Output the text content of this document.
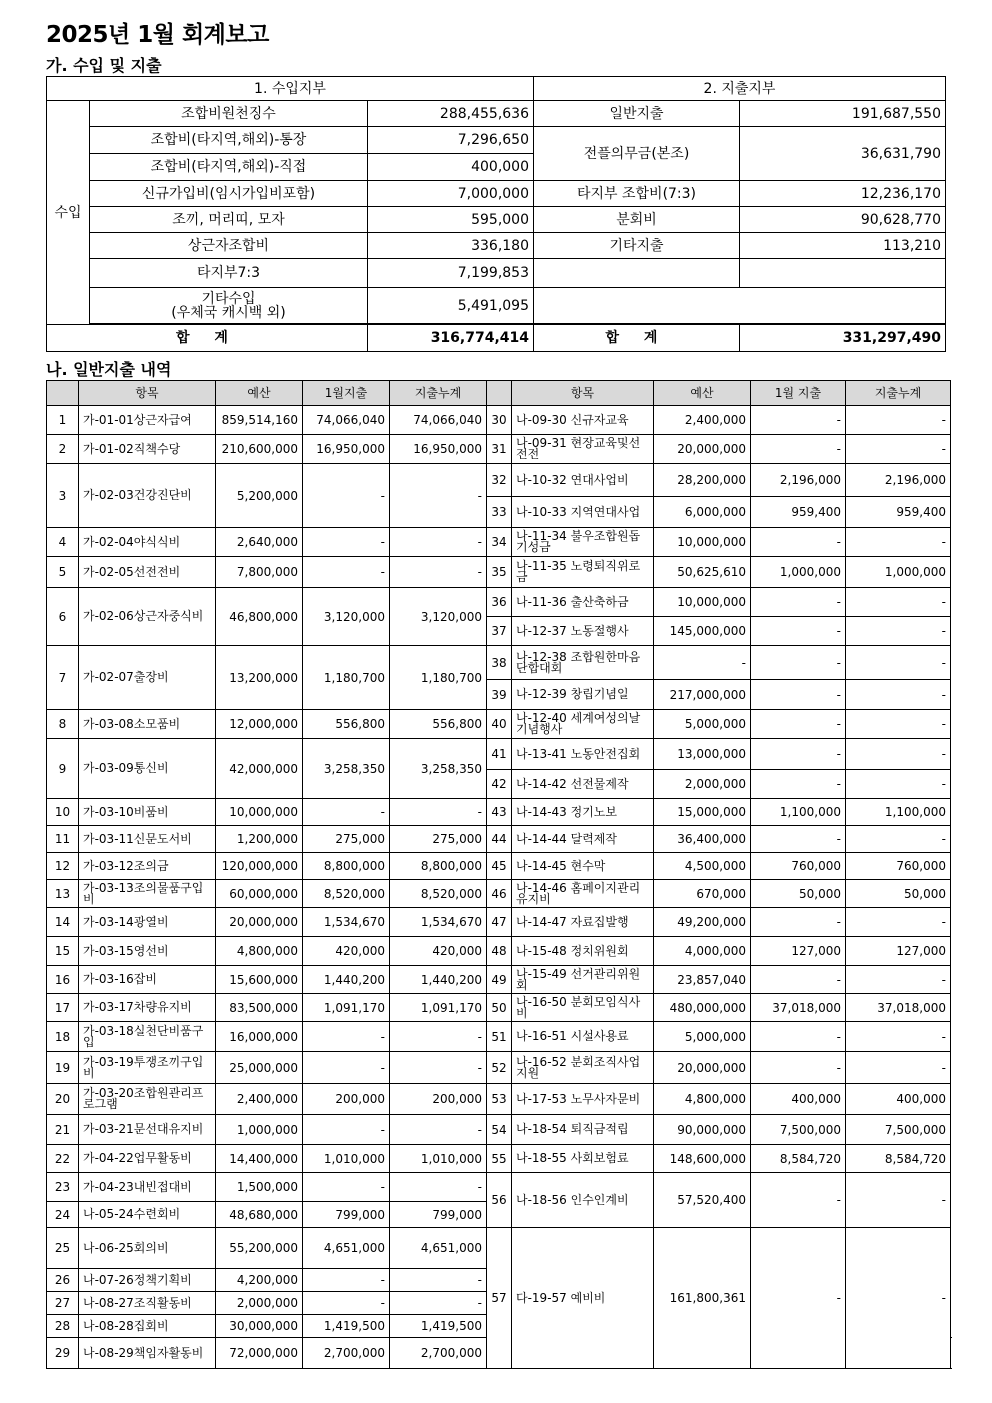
2025년 1월 회계보고
가. 수입 및 지출
1. 수입지부			2. 지출지부	
수입	조합비원천징수	288,455,636	일반지출	191,687,550
	조합비(타지역,해외)-통장	7,296,650	전플의무금(본조)	36,631,790
	조합비(타지역,해외)-직접	400,000		
	신규가입비(임시가입비포함)	7,000,000	타지부 조합비(7:3)	12,236,170
	조끼, 머리띠, 모자	595,000	분회비	90,628,770
	상근자조합비	336,180	기타지출	113,210
	타지부7:3	7,199,853		

	기타수입
(우체국 캐시백 외)	5,491,095		

합 계		316,774,414	합 계	331,297,490
나. 일반지출 내역
	항목	예산	1월지출	지출누계		항목	예산	1월 지출	지출누계	
1	가-01-01상근자급여	859,514,160	74,066,040	74,066,040	30	나-09-30 신규자교육	2,400,000	-	-	
2	가-01-02직책수당	210,600,000	16,950,000	16,950,000	31	나-09-31 현장교육및선전전	20,000,000	-	-	
3	가-02-03건강진단비	5,200,000	-	-	32	나-10-32 연대사업비	28,200,000	2,196,000	2,196,000	
					33	나-10-33 지역연대사업	6,000,000	959,400	959,400	
4	가-02-04야식식비	2,640,000	-	-	34	나-11-34 불우조합원돕기성금	10,000,000	-	-	
5	가-02-05선전전비	7,800,000	-	-	35	나-11-35 노령퇴직위로금	50,625,610	1,000,000	1,000,000	
6	가-02-06상근자중식비	46,800,000	3,120,000	3,120,000	36	나-11-36 출산축하금	10,000,000	-	-	
					37	나-12-37 노동절행사	145,000,000	-	-	
7	가-02-07출장비	13,200,000	1,180,700	1,180,700	38	나-12-38 조합원한마음단합대회	-	-	-	
					39	나-12-39 창립기념일	217,000,000	-	-	
8	가-03-08소모품비	12,000,000	556,800	556,800	40	나-12-40 세계여성의날기념행사	5,000,000	-	-	
9	가-03-09통신비	42,000,000	3,258,350	3,258,350	41	나-13-41 노동안전집회	13,000,000	-	-	
					42	나-14-42 선전물제작	2,000,000	-	-	
10	가-03-10비품비	10,000,000	-	-	43	나-14-43 정기노보	15,000,000	1,100,000	1,100,000	
11	가-03-11신문도서비	1,200,000	275,000	275,000	44	나-14-44 달력제작	36,400,000	-	-	
12	가-03-12조의금	120,000,000	8,800,000	8,800,000	45	나-14-45 현수막	4,500,000	760,000	760,000	
13	가-03-13조의물품구입비	60,000,000	8,520,000	8,520,000	46	나-14-46 홈페이지관리유지비	670,000	50,000	50,000	
14	가-03-14광열비	20,000,000	1,534,670	1,534,670	47	나-14-47 자료집발행	49,200,000	-	-	
15	가-03-15영선비	4,800,000	420,000	420,000	48	나-15-48 정치위원회	4,000,000	127,000	127,000	
16	가-03-16잡비	15,600,000	1,440,200	1,440,200	49	나-15-49 선거관리위원회	23,857,040	-	-	
17	가-03-17차량유지비	83,500,000	1,091,170	1,091,170	50	나-16-50 분회모임식사비	480,000,000	37,018,000	37,018,000	
18	가-03-18실천단비품구입	16,000,000	-	-	51	나-16-51 시설사용료	5,000,000	-	-	
19	가-03-19투쟁조끼구입비	25,000,000	-	-	52	나-16-52 분회조직사업지원	20,000,000	-	-	
20	가-03-20조합원관리프로그램	2,400,000	200,000	200,000	53	나-17-53 노무사자문비	4,800,000	400,000	400,000	
21	가-03-21문선대유지비	1,000,000	-	-	54	나-18-54 퇴직금적립	90,000,000	7,500,000	7,500,000	
22	가-04-22업무활동비	14,400,000	1,010,000	1,010,000	55	나-18-55 사회보험료	148,600,000	8,584,720	8,584,720	
23	가-04-23내빈접대비	1,500,000	-	-	56	나-18-56 인수인계비	57,520,400	-	-	
24	나-05-24수련회비	48,680,000	799,000	799,000						
25	나-06-25회의비	55,200,000	4,651,000	4,651,000	57	다-19-57 예비비	161,800,361	-	-	
26	나-07-26정책기획비	4,200,000	-	-						
27	나-08-27조직활동비	2,000,000	-	-						
28	나-08-28집회비	30,000,000	1,419,500	1,419,500						
29	나-08-29책임자활동비	72,000,000	2,700,000	2,700,000				
